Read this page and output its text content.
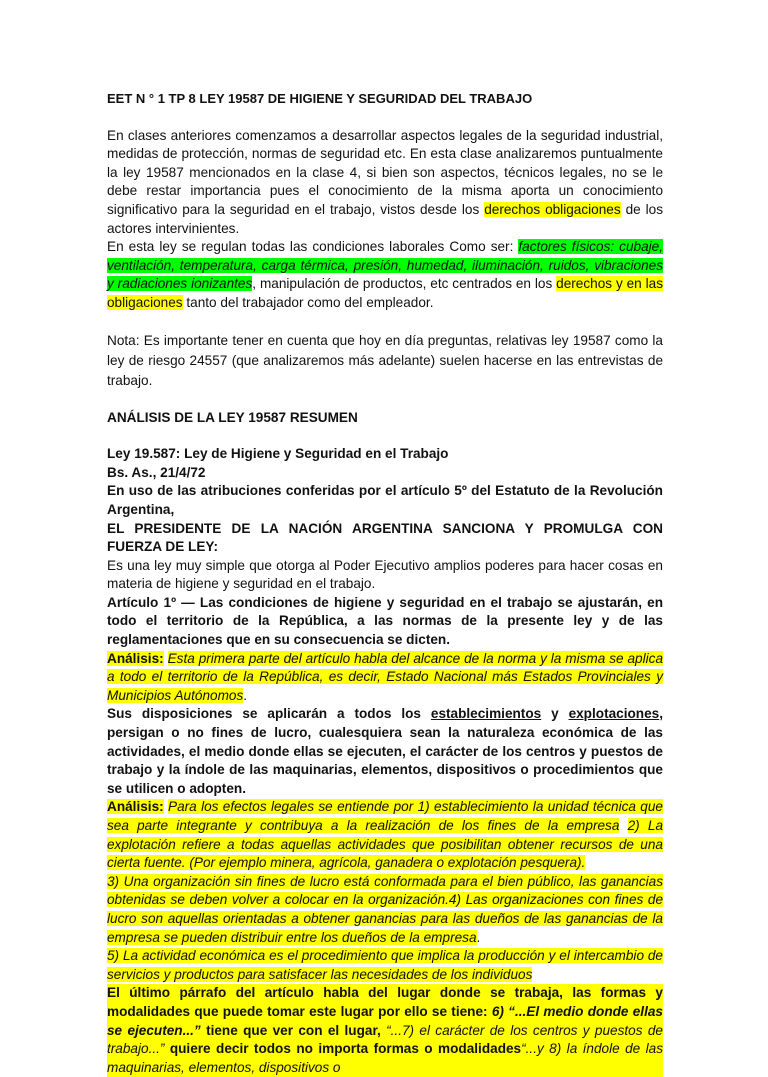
EET N ° 1 TP 8 LEY 19587 DE HIGIENE Y SEGURIDAD DEL TRABAJO

En clases anteriores comenzamos a desarrollar aspectos legales de la seguridad industrial, medidas de protección, normas de seguridad etc. En esta clase analizaremos puntualmente la ley 19587 mencionados en la clase 4, si bien son aspectos, técnicos legales, no se le debe restar importancia pues el conocimiento de la misma aporta un conocimiento significativo para la seguridad en el trabajo, vistos desde los derechos obligaciones de los actores intervinientes.

En esta ley se regulan todas las condiciones laborales Como ser: factores físicos: cubaje, ventilación, temperatura, carga térmica, presión, humedad, iluminación, ruidos, vibraciones y radiaciones ionizantes, manipulación de productos, etc centrados en los derechos y en las obligaciones tanto del trabajador como del empleador.

Nota: Es importante tener en cuenta que hoy en día preguntas, relativas ley 19587 como la ley de riesgo 24557 (que analizaremos más adelante) suelen hacerse en las entrevistas de trabajo.

ANÁLISIS DE LA LEY 19587 RESUMEN

Ley 19.587: Ley de Higiene y Seguridad en el Trabajo

Bs. As., 21/4/72

En uso de las atribuciones conferidas por el artículo 5º del Estatuto de la Revolución Argentina,

EL PRESIDENTE DE LA NACIÓN ARGENTINA SANCIONA Y PROMULGA CON FUERZA DE LEY:

Es una ley muy simple que otorga al Poder Ejecutivo amplios poderes para hacer cosas en materia de higiene y seguridad en el trabajo.

Artículo 1º — Las condiciones de higiene y seguridad en el trabajo se ajustarán, en todo el territorio de la República, a las normas de la presente ley y de las reglamentaciones que en su consecuencia se dicten.

Análisis: Esta primera parte del artículo habla del alcance de la norma y la misma se aplica a todo el territorio de la República, es decir, Estado Nacional más Estados Provinciales y Municipios Autónomos.

Sus disposiciones se aplicarán a todos los establecimientos y explotaciones, persigan o no fines de lucro, cualesquiera sean la naturaleza económica de las actividades, el medio donde ellas se ejecuten, el carácter de los centros y puestos de trabajo y la índole de las maquinarias, elementos, dispositivos o procedimientos que se utilicen o adopten.

Análisis: Para los efectos legales se entiende por 1) establecimiento la unidad técnica que sea parte integrante y contribuya a la realización de los fines de la empresa 2) La explotación refiere a todas aquellas actividades que posibilitan obtener recursos de una cierta fuente. (Por ejemplo minera, agrícola, ganadera o explotación pesquera).

3) Una organización sin fines de lucro está conformada para el bien público, las ganancias obtenidas se deben volver a colocar en la organización.4) Las organizaciones con fines de lucro son aquellas orientadas a obtener ganancias para las dueños de las ganancias de la empresa se pueden distribuir entre los dueños de la empresa.

5) La actividad económica es el procedimiento que implica la producción y el intercambio de servicios y productos para satisfacer las necesidades de los individuos

El último párrafo del artículo habla del lugar donde se trabaja, las formas y modalidades que puede tomar este lugar por ello se tiene: 6) “...El medio donde ellas se ejecuten...” tiene que ver con el lugar, “...7) el carácter de los centros y puestos de trabajo...” quiere decir todos no importa formas o modalidades“...y 8) la índole de las maquinarias, elementos, dispositivos o
